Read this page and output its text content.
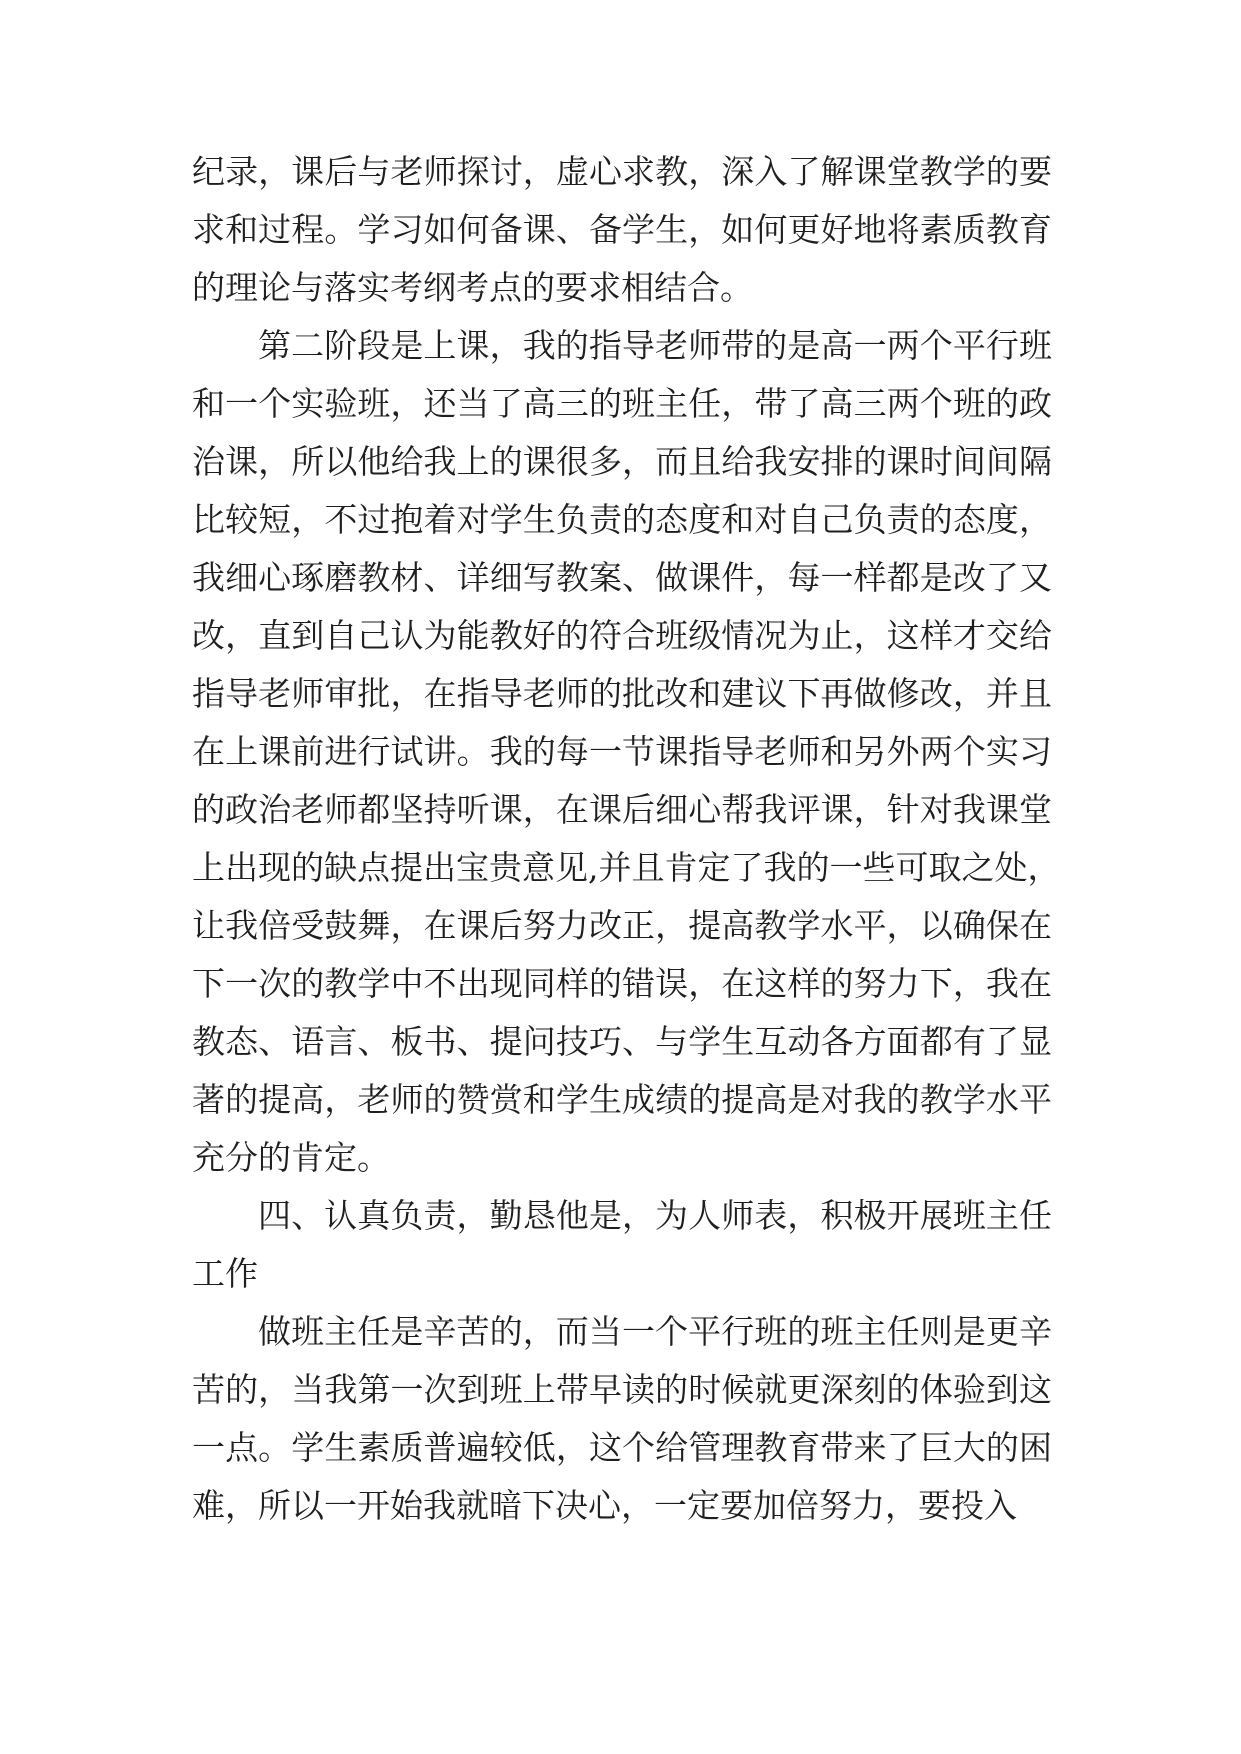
纪录，课后与老师探讨，虚心求教，深入了解课堂教学的要
求和过程。学习如何备课、备学生，如何更好地将素质教育
的理论与落实考纲考点的要求相结合。
第二阶段是上课，我的指导老师带的是高一两个平行班
和一个实验班，还当了高三的班主任，带了高三两个班的政
治课，所以他给我上的课很多，而且给我安排的课时间间隔
比较短，不过抱着对学生负责的态度和对自己负责的态度，
我细心琢磨教材、详细写教案、做课件，每一样都是改了又
改，直到自己认为能教好的符合班级情况为止，这样才交给
指导老师审批，在指导老师的批改和建议下再做修改，并且
在上课前进行试讲。我的每一节课指导老师和另外两个实习
的政治老师都坚持听课，在课后细心帮我评课，针对我课堂
上出现的缺点提出宝贵意见,并且肯定了我的一些可取之处，
让我倍受鼓舞，在课后努力改正，提高教学水平，以确保在
下一次的教学中不出现同样的错误，在这样的努力下，我在
教态、语言、板书、提问技巧、与学生互动各方面都有了显
著的提高，老师的赞赏和学生成绩的提高是对我的教学水平
充分的肯定。
四、认真负责，勤恳他是，为人师表，积极开展班主任
工作
做班主任是辛苦的，而当一个平行班的班主任则是更辛
苦的，当我第一次到班上带早读的时候就更深刻的体验到这
一点。学生素质普遍较低，这个给管理教育带来了巨大的困
难，所以一开始我就暗下决心，一定要加倍努力，要投入
